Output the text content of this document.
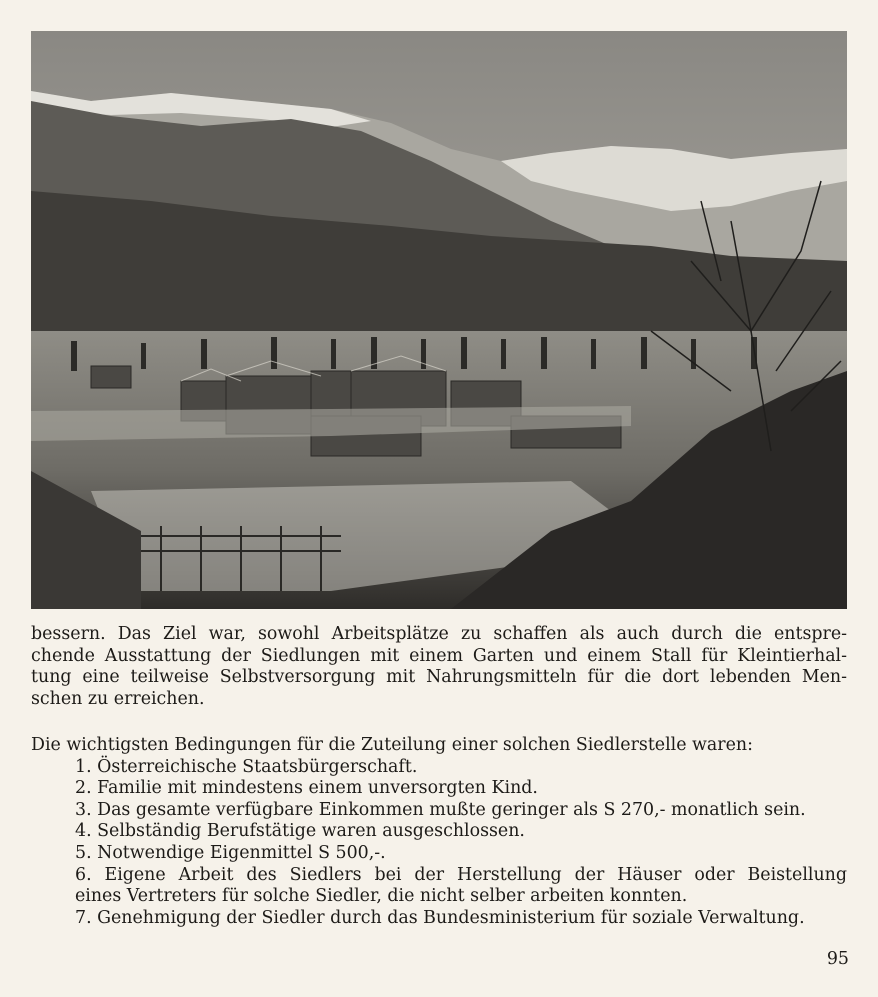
bessern. Das Ziel war, sowohl Arbeitsplätze zu schaffen als auch durch die entspre-
chende Ausstattung der Siedlungen mit einem Garten und einem Stall für Kleintierhal-
tung eine teilweise Selbstversorgung mit Nahrungsmitteln für die dort lebenden Men-
schen zu erreichen.
Die wichtigsten Bedingungen für die Zuteilung einer solchen Siedlerstelle waren:
1. Österreichische Staatsbürgerschaft.
2. Familie mit mindestens einem unversorgten Kind.
3. Das gesamte verfügbare Einkommen mußte geringer als S 270,- monatlich sein.
4. Selbständig Berufstätige waren ausgeschlossen.
5. Notwendige Eigenmittel S 500,-.
6. Eigene Arbeit des Siedlers bei der Herstellung der Häuser oder Beistellung
eines Vertreters für solche Siedler, die nicht selber arbeiten konnten.
7. Genehmigung der Siedler durch das Bundesministerium für soziale Verwaltung.
95
